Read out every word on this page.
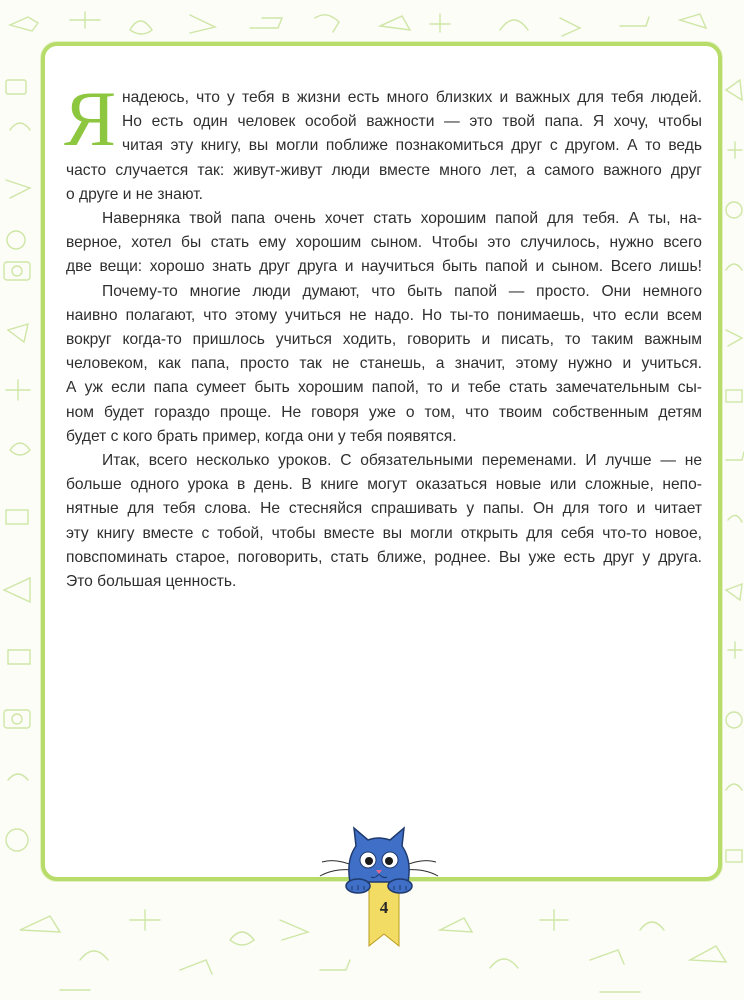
Я надеюсь, что у тебя в жизни есть много близких и важных для тебя людей.
Но есть один человек особой важности — это твой папа. Я хочу, чтобы
читая эту книгу, вы могли поближе познакомиться друг с другом. А то ведь
часто случается так: живут-живут люди вместе много лет, а самого важного друг
о друге и не знают.
Наверняка твой папа очень хочет стать хорошим папой для тебя. А ты, на-
верное, хотел бы стать ему хорошим сыном. Чтобы это случилось, нужно всего
две вещи: хорошо знать друг друга и научиться быть папой и сыном. Всего лишь!
Почему-то многие люди думают, что быть папой — просто. Они немного
наивно полагают, что этому учиться не надо. Но ты-то понимаешь, что если всем
вокруг когда-то пришлось учиться ходить, говорить и писать, то таким важным
человеком, как папа, просто так не станешь, а значит, этому нужно и учиться.
А уж если папа сумеет быть хорошим папой, то и тебе стать замечательным сы-
ном будет гораздо проще. Не говоря уже о том, что твоим собственным детям
будет с кого брать пример, когда они у тебя появятся.
Итак, всего несколько уроков. С обязательными переменами. И лучше — не
больше одного урока в день. В книге могут оказаться новые или сложные, непо-
нятные для тебя слова. Не стесняйся спрашивать у папы. Он для того и читает
эту книгу вместе с тобой, чтобы вместе вы могли открыть для себя что-то новое,
повспоминать старое, поговорить, стать ближе, роднее. Вы уже есть друг у друга.
Это большая ценность.
4
